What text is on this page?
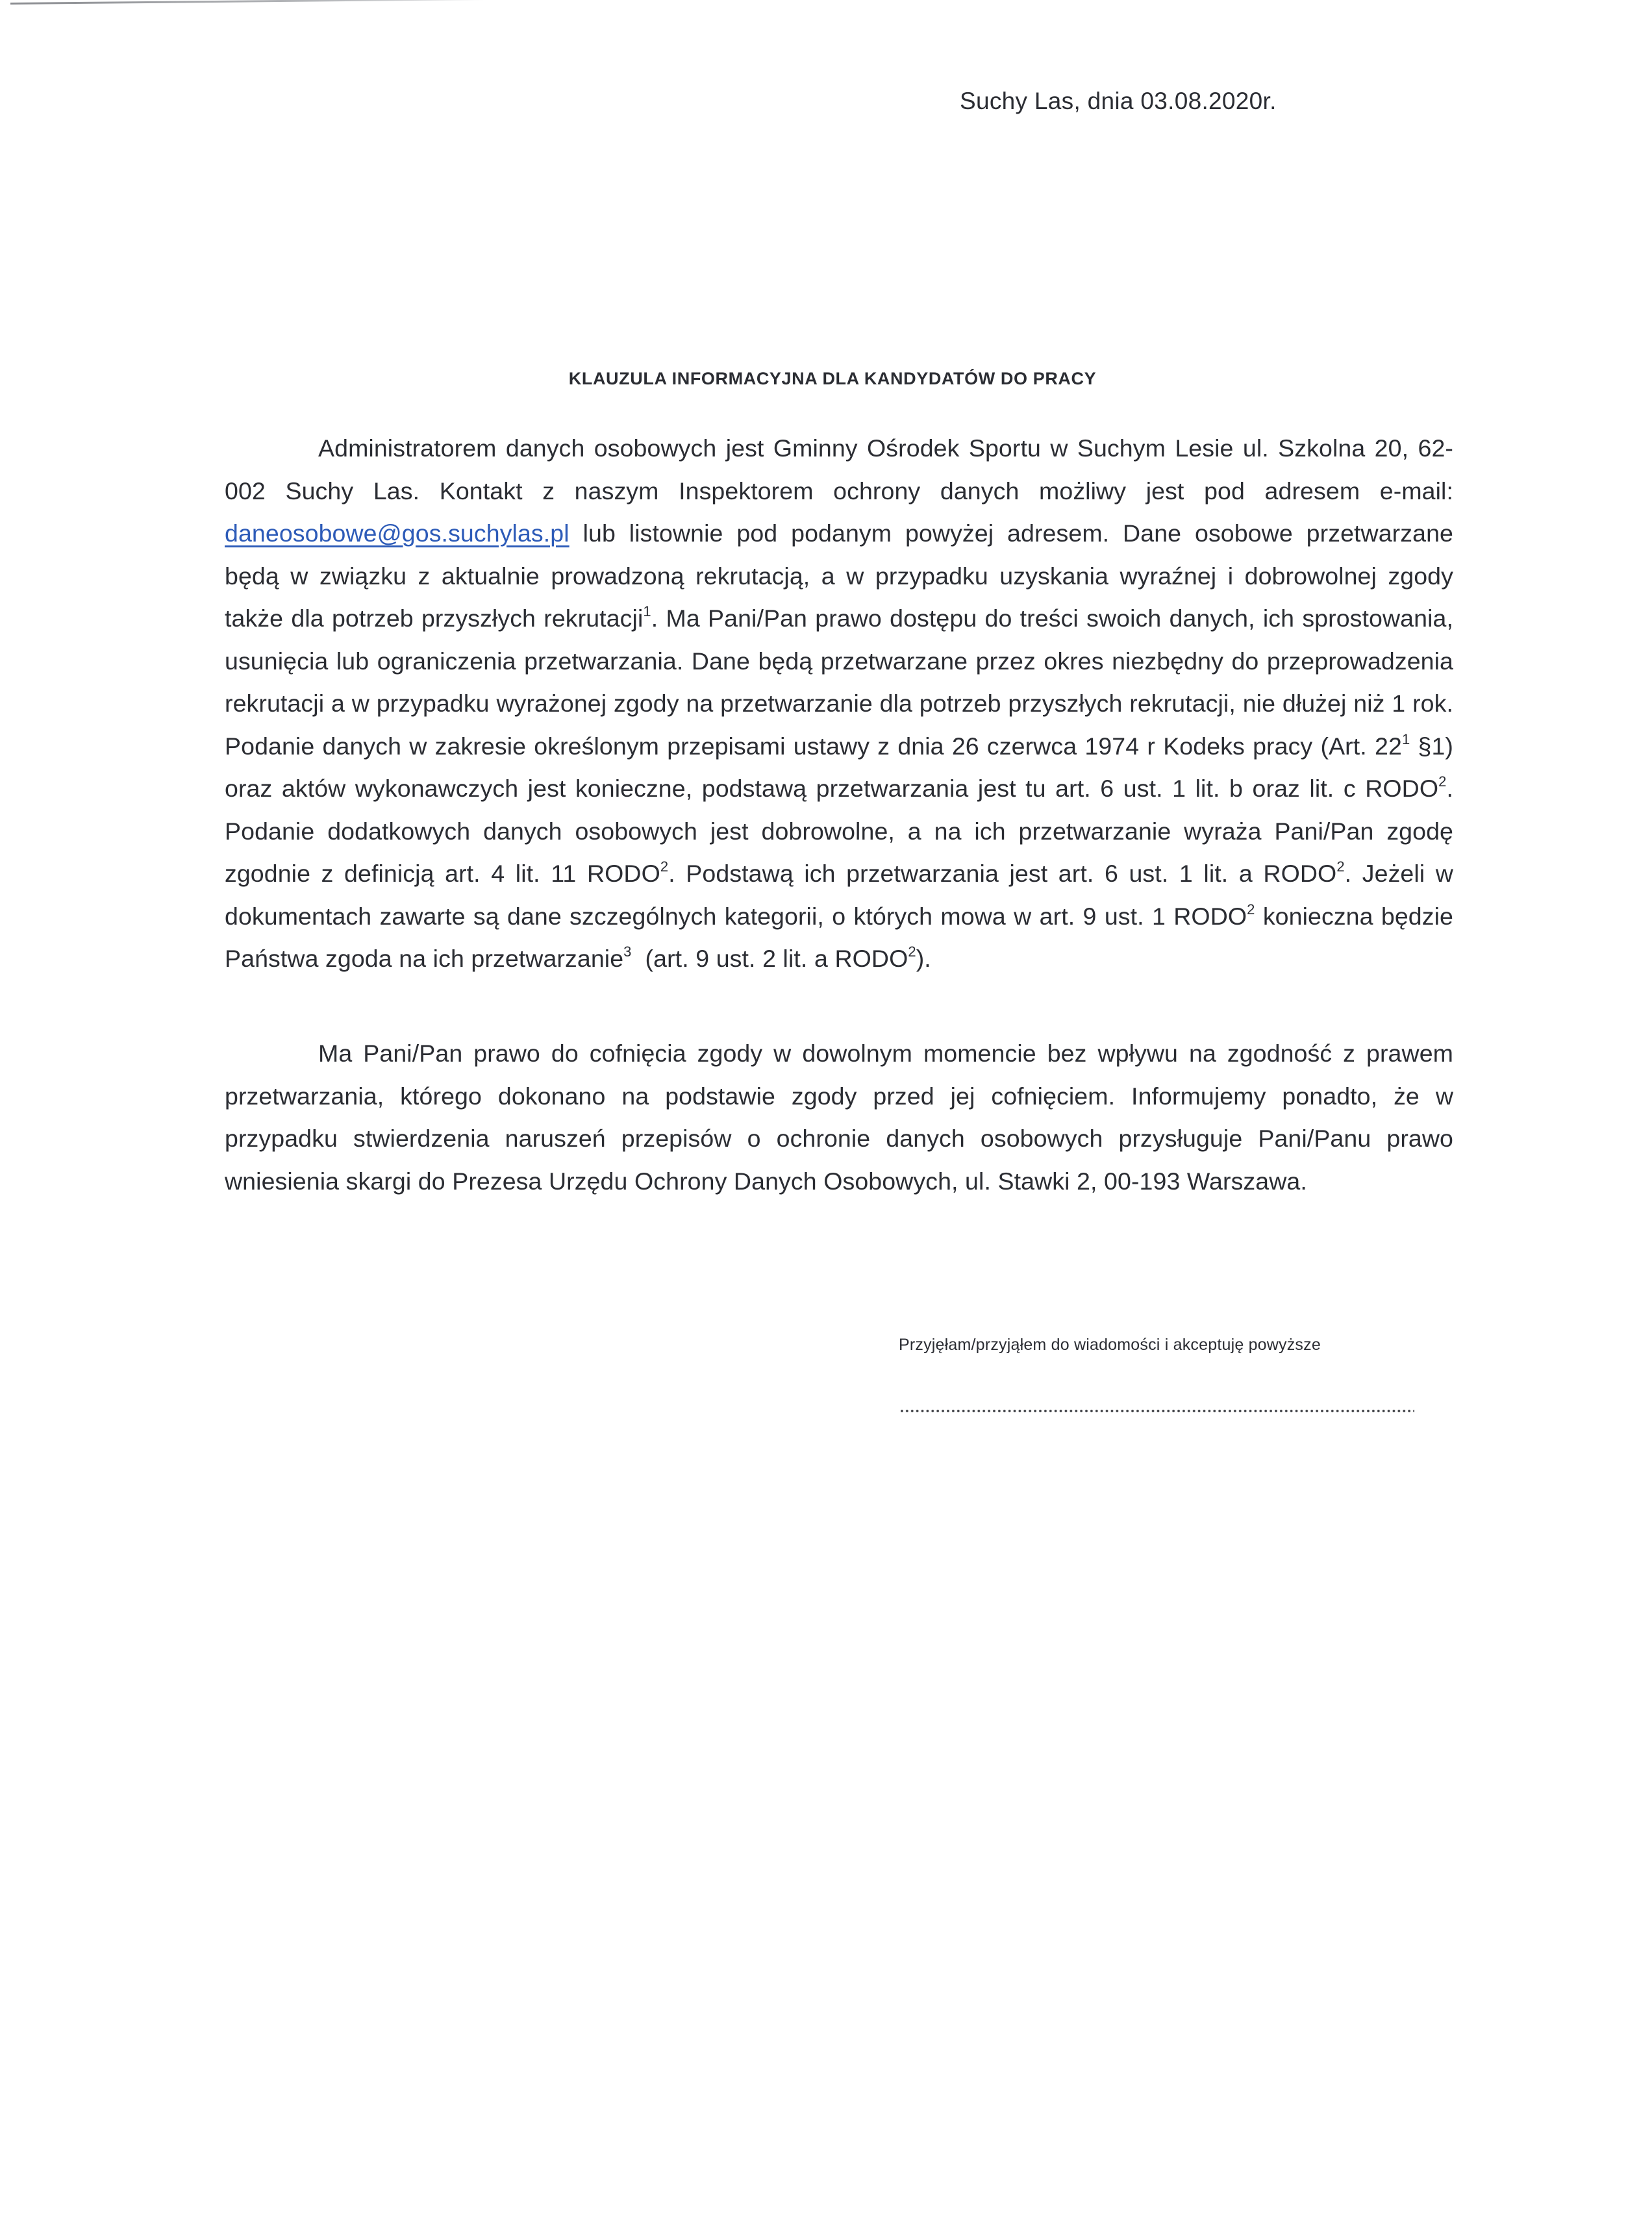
Suchy Las, dnia 03.08.2020r.
KLAUZULA INFORMACYJNA DLA KANDYDATÓW DO PRACY

Administratorem danych osobowych jest Gminny Ośrodek Sportu w Suchym Lesie ul. Szkolna 20, 62-002 Suchy Las. Kontakt z naszym Inspektorem ochrony danych możliwy jest pod adresem e-mail: daneosobowe@gos.suchylas.pl lub listownie pod podanym powyżej adresem. Dane osobowe przetwarzane będą w związku z aktualnie prowadzoną rekrutacją, a w przypadku uzyskania wyraźnej i dobrowolnej zgody także dla potrzeb przyszłych rekrutacji$^1$. Ma Pani/Pan prawo dostępu do treści swoich danych, ich sprostowania, usunięcia lub ograniczenia przetwarzania. Dane będą przetwarzane przez okres niezbędny do przeprowadzenia rekrutacji a w przypadku wyrażonej zgody na przetwarzanie dla potrzeb przyszłych rekrutacji, nie dłużej niż 1 rok. Podanie danych w zakresie określonym przepisami ustawy z dnia 26 czerwca 1974 r Kodeks pracy (Art. $22^1$ §1) oraz aktów wykonawczych jest konieczne, podstawą przetwarzania jest tu art. 6 ust. 1 lit. b oraz lit. c RODO$^2$. Podanie dodatkowych danych osobowych jest dobrowolne, a na ich przetwarzanie wyraża Pani/Pan zgodę zgodnie z definicją art. 4 lit. 11 RODO$^2$. Podstawą ich przetwarzania jest art. 6 ust. 1 lit. a RODO$^2$. Jeżeli w dokumentach zawarte są dane szczególnych kategorii, o których mowa w art. 9 ust. 1 RODO$^2$ konieczna będzie Państwa zgoda na ich przetwarzanie$^3$  (art. 9 ust. 2 lit. a RODO$^2$).

Ma Pani/Pan prawo do cofnięcia zgody w dowolnym momencie bez wpływu na zgodność z prawem przetwarzania, którego dokonano na podstawie zgody przed jej cofnięciem. Informujemy ponadto, że w przypadku stwierdzenia naruszeń przepisów o ochronie danych osobowych przysługuje Pani/Panu prawo wniesienia skargi do Prezesa Urzędu Ochrony Danych Osobowych, ul. Stawki 2, 00-193 Warszawa.

Przyjęłam/przyjąłem do wiadomości i akceptuję powyższe
